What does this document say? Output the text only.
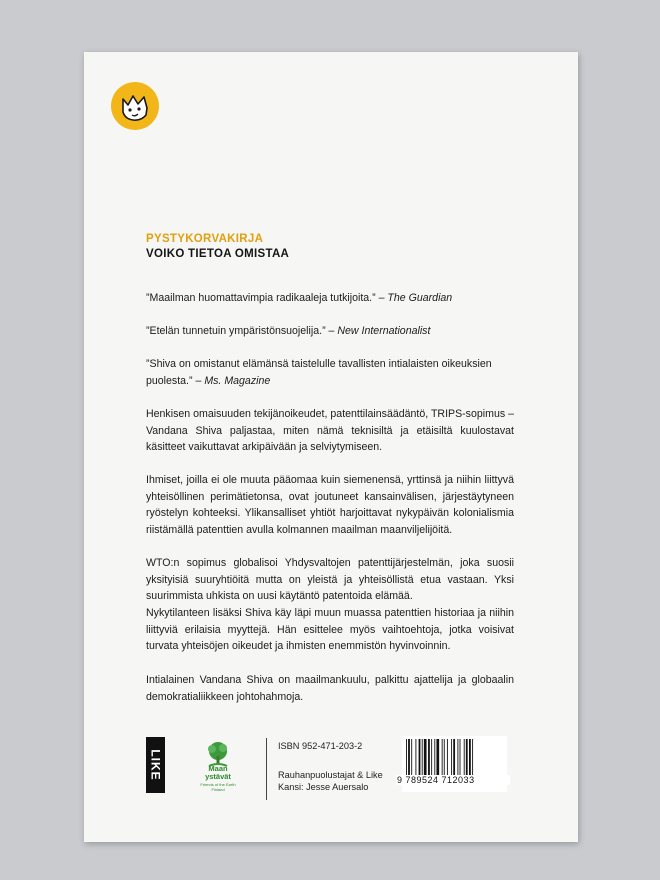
PYSTYKORVAKIRJA

VOIKO TIETOA OMISTAA

”Maailman huomattavimpia radikaaleja tutkijoita.” – The Guardian

”Etelän tunnetuin ympäristönsuojelija.” – New Internationalist

”Shiva on omistanut elämänsä taistelulle tavallisten intialaisten oikeuksien puolesta.” – Ms. Magazine

Henkisen omaisuuden tekijänoikeudet, patenttilainsäädäntö, TRIPS-sopimus – Vandana Shiva paljastaa, miten nämä teknisiltä ja etäisiltä kuulostavat käsitteet vaikuttavat arkipäivään ja selviytymiseen.

Ihmiset, joilla ei ole muuta pääomaa kuin siemenensä, yrttinsä ja niihin liittyvä yhteisöllinen perimätietonsa, ovat joutuneet kansainvälisen, järjestäytyneen ryöstelyn kohteeksi. Ylikansalliset yhtiöt harjoittavat nykypäivän kolonialismia riistämällä patenttien avulla kolmannen maailman maanviljelijöitä.

WTO:n sopimus globalisoi Yhdysvaltojen patenttijärjestelmän, joka suosii yksityisiä suuryhtiöitä mutta on yleistä ja yhteisöllistä etua vastaan. Yksi suurimmista uhkista on uusi käytäntö patentoida elämää.

Nykytilanteen lisäksi Shiva käy läpi muun muassa patenttien historiaa ja niihin liittyviä erilaisia myyttejä. Hän esittelee myös vaihtoehtoja, jotka voisivat turvata yhteisöjen oikeudet ja ihmisten enemmistön hyvinvoinnin.

Intialainen Vandana Shiva on maailmankuulu, palkittu ajattelija ja globaalin demokratialiikkeen johtohahmoja.

LIKE	Maan ystävät
Friends of the Earth Finland

ISBN 952-471-203-2

Rauhanpuolustajat & Like

Kansi: Jesse Auersalo

9 789524 712033
